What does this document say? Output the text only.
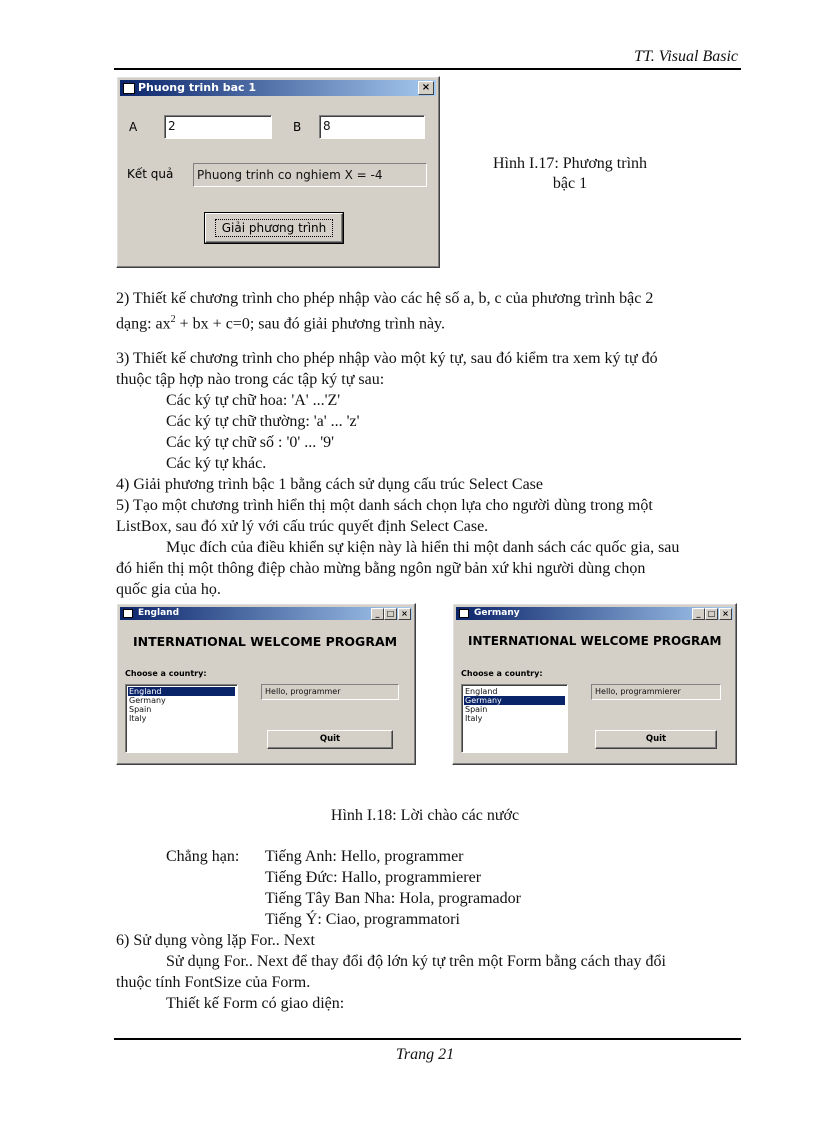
TT. Visual Basic
Phuong trinh bac 1	×
A	2	B	8
Kết quả	Phuong trinh co nghiem X = -4
Giải phương trình
Hình I.17: Phương trình
bậc 1
2) Thiết kế chương trình cho phép nhập vào các hệ số a, b, c của phương trình bậc 2
dạng: $ax^2$ + bx + c=0; sau đó giải phương trình này.
3) Thiết kế chương trình cho phép nhập vào một ký tự, sau đó kiểm tra xem ký tự đó
thuộc tập hợp nào trong các tập ký tự sau:
Các ký tự chữ hoa: 'A' ...'Z'
Các ký tự chữ thường: 'a' ... 'z'
Các ký tự chữ số : '0' ... '9'
Các ký tự khác.
4) Giải phương trình bậc 1 bằng cách sử dụng cấu trúc Select Case
5) Tạo một chương trình hiển thị một danh sách chọn lựa cho người dùng trong một
ListBox, sau đó xử lý với cấu trúc quyết định Select Case.
Mục đích của điều khiển sự kiện này là hiển thi một danh sách các quốc gia, sau
đó hiển thị một thông điệp chào mừng bằng ngôn ngữ bản xứ khi người dùng chọn
quốc gia của họ.
England	_ □ ×
INTERNATIONAL WELCOME PROGRAM
Choose a country:
England
Germany
Spain
Italy
Hello, programmer
Quit
Germany	_ □ ×
INTERNATIONAL WELCOME PROGRAM
Choose a country:
England
Germany
Spain
Italy
Hello, programmierer
Quit
Hình I.18: Lời chào các nước
Chẳng hạn:	Tiếng Anh: Hello, programmer
Tiếng Đức: Hallo, programmierer
Tiếng Tây Ban Nha: Hola, programador
Tiếng Ý: Ciao, programmatori
6) Sử dụng vòng lặp For.. Next
Sử dụng For.. Next để thay đổi độ lớn ký tự trên một Form bằng cách thay đổi
thuộc tính FontSize của Form.
Thiết kế Form có giao diện:
Trang 21
